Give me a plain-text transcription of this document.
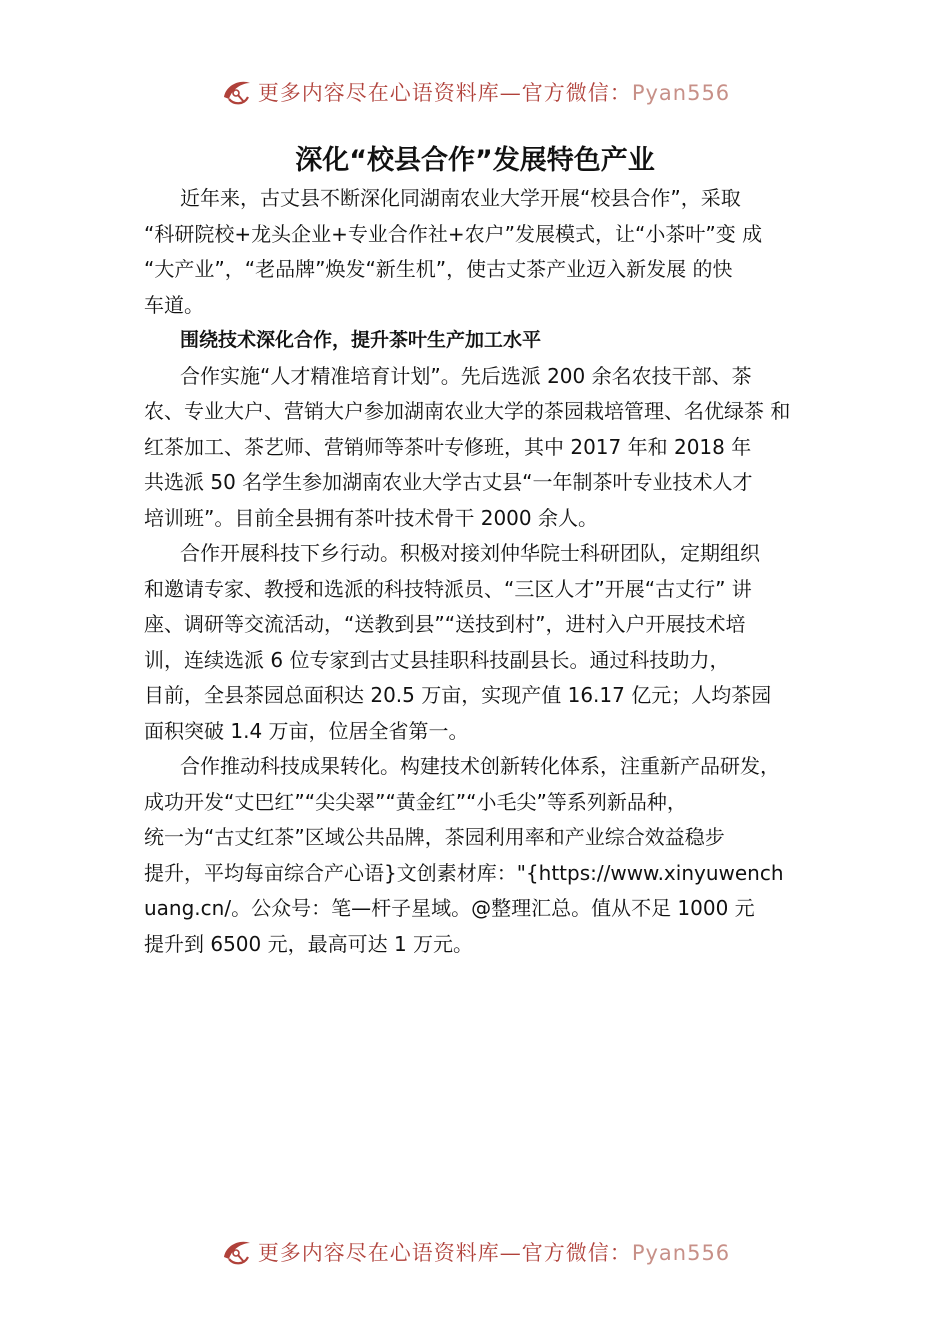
更多内容尽在心语资料库—官方微信：Pyan556
深化“校县合作”发展特色产业
近年来，古丈县不断深化同湖南农业大学开展“校县合作”，采取
“科研院校+龙头企业+专业合作社+农户”发展模式，让“小茶叶”变 成
“大产业”，“老品牌”焕发“新生机”，使古丈茶产业迈入新发展 的快
车道。
围绕技术深化合作，提升茶叶生产加工水平
合作实施“人才精准培育计划”。先后选派 200 余名农技干部、茶
农、专业大户、营销大户参加湖南农业大学的茶园栽培管理、名优绿茶 和
红茶加工、茶艺师、营销师等茶叶专修班，其中 2017 年和 2018 年
共选派 50 名学生参加湖南农业大学古丈县“一年制茶叶专业技术人才
培训班”。目前全县拥有茶叶技术骨干 2000 余人。
合作开展科技下乡行动。积极对接刘仲华院士科研团队，定期组织
和邀请专家、教授和选派的科技特派员、“三区人才”开展“古丈行” 讲
座、调研等交流活动，“送教到县”“送技到村”，进村入户开展技术培
训，连续选派 6 位专家到古丈县挂职科技副县长。通过科技助力，
目前，全县茶园总面积达 20.5 万亩，实现产值 16.17 亿元；人均茶园
面积突破 1.4 万亩，位居全省第一。
合作推动科技成果转化。构建技术创新转化体系，注重新产品研发，
成功开发“丈巴红”“尖尖翠”“黄金红”“小毛尖”等系列新品种，
统一为“古丈红茶”区域公共品牌，茶园利用率和产业综合效益稳步
提升，平均每亩综合产心语}文创素材库："{https://www.xinyuwench
uang.cn/。公众号：笔—杆子星域。@整理汇总。值从不足 1000 元
提升到 6500 元，最高可达 1 万元。
更多内容尽在心语资料库—官方微信：Pyan556
